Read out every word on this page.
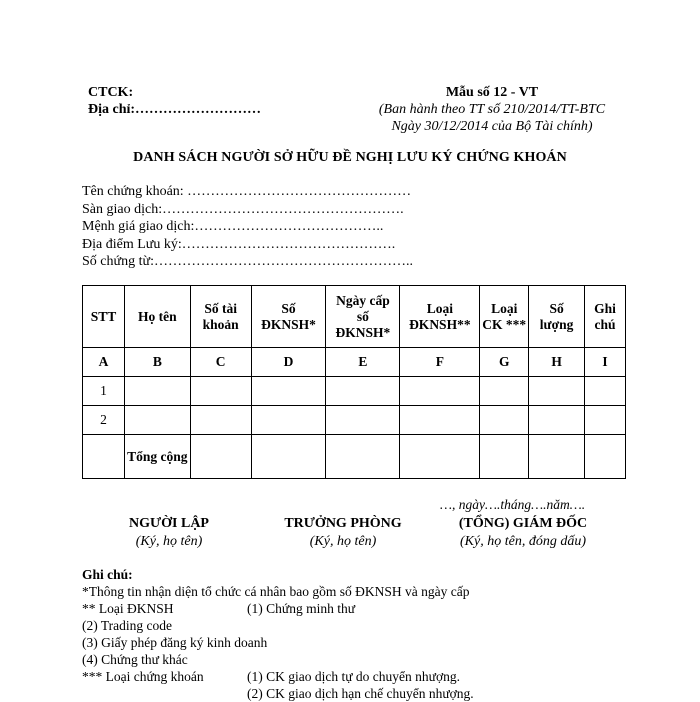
CTCK:
Địa chỉ:………………………
Mẫu số 12 - VT
(Ban hành theo TT số 210/2014/TT-BTC
Ngày 30/12/2014 của Bộ Tài chính)
DANH SÁCH NGƯỜI SỞ HỮU ĐỀ NGHỊ LƯU KÝ CHỨNG KHOÁN
Tên chứng khoán: …………………………………………
Sàn giao dịch:…………………………………………….
Mệnh giá giao dịch:…………………………………..
Địa điểm Lưu ký:……………………………………….
Số chứng từ:………………………………………………..
STT	Họ tên	Số tài khoản	Số ĐKNSH*	Ngày cấp số ĐKNSH*	Loại ĐKNSH**	Loại CK ***	Số lượng	Ghi chú
A	B	C	D	E	F	G	H	I
1								
2								
	Tổng cộng							
…, ngày….tháng….năm….
NGƯỜI LẬP
(Ký, họ tên)
TRƯỞNG PHÒNG
(Ký, họ tên)
(TỔNG) GIÁM ĐỐC
(Ký, họ tên, đóng dấu)
Ghi chú:
*Thông tin nhận diện tổ chức cá nhân bao gồm số ĐKNSH và ngày cấp
** Loại ĐKNSH	(1) Chứng minh thư
(2) Trading code
(3) Giấy phép đăng ký kinh doanh
(4) Chứng thư khác
*** Loại chứng khoán	(1) CK giao dịch tự do chuyển nhượng.
(2) CK giao dịch hạn chế chuyển nhượng.
